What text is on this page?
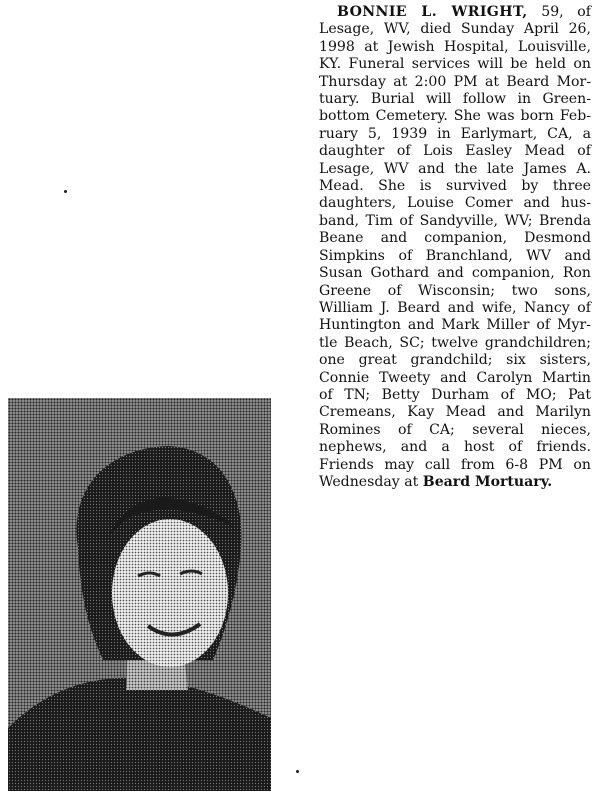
BONNIE L. WRIGHT, 59, of
Lesage, WV, died Sunday April 26,
1998 at Jewish Hospital, Louisville,
KY. Funeral services will be held on
Thursday at 2:00 PM at Beard Mor-
tuary. Burial will follow in Green-
bottom Cemetery. She was born Feb-
ruary 5, 1939 in Earlymart, CA, a
daughter of Lois Easley Mead of
Lesage, WV and the late James A.
Mead. She is survived by three
daughters, Louise Comer and hus-
band, Tim of Sandyville, WV; Brenda
Beane and companion, Desmond
Simpkins of Branchland, WV and
Susan Gothard and companion, Ron
Greene of Wisconsin; two sons,
William J. Beard and wife, Nancy of
Huntington and Mark Miller of Myr-
tle Beach, SC; twelve grandchildren;
one great grandchild; six sisters,
Connie Tweety and Carolyn Martin
of TN; Betty Durham of MO; Pat
Cremeans, Kay Mead and Marilyn
Romines of CA; several nieces,
nephews, and a host of friends.
Friends may call from 6-8 PM on
Wednesday at Beard Mortuary.
